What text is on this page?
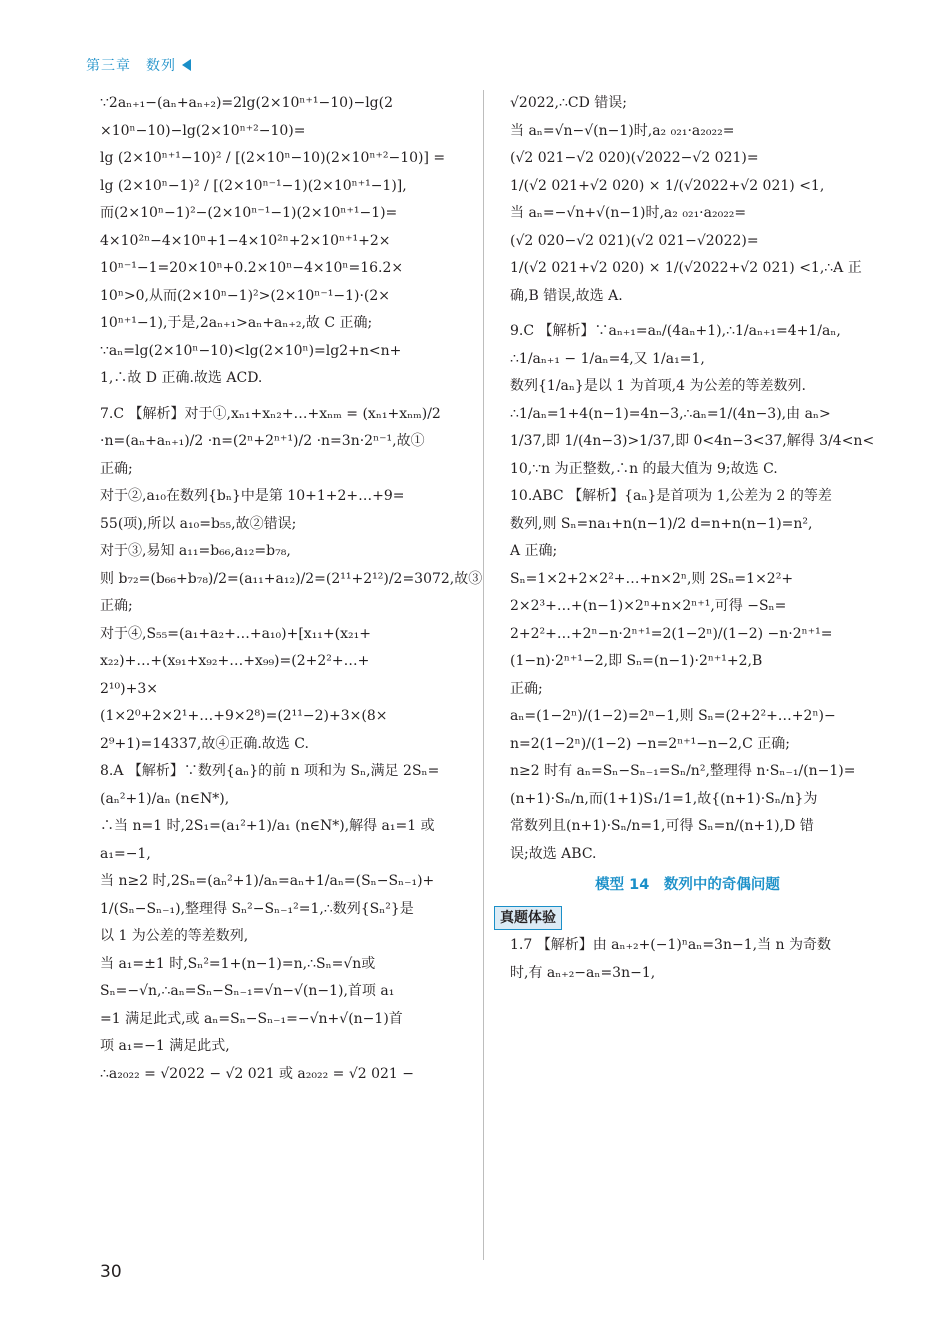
第三章　数列
∵2aₙ₊₁−(aₙ+aₙ₊₂)=2lg(2×10ⁿ⁺¹−10)−lg(2
×10ⁿ−10)−lg(2×10ⁿ⁺²−10)=
lg (2×10ⁿ⁺¹−10)² / [(2×10ⁿ−10)(2×10ⁿ⁺²−10)] =
lg (2×10ⁿ−1)² / [(2×10ⁿ⁻¹−1)(2×10ⁿ⁺¹−1)],
而(2×10ⁿ−1)²−(2×10ⁿ⁻¹−1)(2×10ⁿ⁺¹−1)=
4×10²ⁿ−4×10ⁿ+1−4×10²ⁿ+2×10ⁿ⁺¹+2×
10ⁿ⁻¹−1=20×10ⁿ+0.2×10ⁿ−4×10ⁿ=16.2×
10ⁿ>0,从而(2×10ⁿ−1)²>(2×10ⁿ⁻¹−1)·(2×
10ⁿ⁺¹−1),于是,2aₙ₊₁>aₙ+aₙ₊₂,故 C 正确;
∵aₙ=lg(2×10ⁿ−10)<lg(2×10ⁿ)=lg2+n<n+
1,∴故 D 正确.故选 ACD.
7.C 【解析】对于①,xₙ₁+xₙ₂+…+xₙₘ = (xₙ₁+xₙₘ)/2
·n=(aₙ+aₙ₊₁)/2 ·n=(2ⁿ+2ⁿ⁺¹)/2 ·n=3n·2ⁿ⁻¹,故①
正确;
对于②,a₁₀在数列{bₙ}中是第 10+1+2+…+9=
55(项),所以 a₁₀=b₅₅,故②错误;
对于③,易知 a₁₁=b₆₆,a₁₂=b₇₈,
则 b₇₂=(b₆₆+b₇₈)/2=(a₁₁+a₁₂)/2=(2¹¹+2¹²)/2=3072,故③
正确;
对于④,S₅₅=(a₁+a₂+…+a₁₀)+[x₁₁+(x₂₁+
x₂₂)+…+(x₉₁+x₉₂+…+x₉₉)=(2+2²+…+
2¹⁰)+3×
(1×2⁰+2×2¹+…+9×2⁸)=(2¹¹−2)+3×(8×
2⁹+1)=14337,故④正确.故选 C.
8.A 【解析】∵数列{aₙ}的前 n 项和为 Sₙ,满足 2Sₙ=
(aₙ²+1)/aₙ (n∈N*),
∴当 n=1 时,2S₁=(a₁²+1)/a₁ (n∈N*),解得 a₁=1 或
a₁=−1,
当 n≥2 时,2Sₙ=(aₙ²+1)/aₙ=aₙ+1/aₙ=(Sₙ−Sₙ₋₁)+
1/(Sₙ−Sₙ₋₁),整理得 Sₙ²−Sₙ₋₁²=1,∴数列{Sₙ²}是
以 1 为公差的等差数列,
当 a₁=±1 时,Sₙ²=1+(n−1)=n,∴Sₙ=√n或
Sₙ=−√n,∴aₙ=Sₙ−Sₙ₋₁=√n−√(n−1),首项 a₁
=1 满足此式,或 aₙ=Sₙ−Sₙ₋₁=−√n+√(n−1)首
项 a₁=−1 满足此式,
∴a₂₀₂₂ = √2022 − √2 021 或 a₂₀₂₂ = √2 021 −
√2022,∴CD 错误;
当 aₙ=√n−√(n−1)时,a₂ ₀₂₁·a₂₀₂₂=
(√2 021−√2 020)(√2022−√2 021)=
1/(√2 021+√2 020) × 1/(√2022+√2 021) <1,
当 aₙ=−√n+√(n−1)时,a₂ ₀₂₁·a₂₀₂₂=
(√2 020−√2 021)(√2 021−√2022)=
1/(√2 021+√2 020) × 1/(√2022+√2 021) <1,∴A 正
确,B 错误,故选 A.
9.C 【解析】∵aₙ₊₁=aₙ/(4aₙ+1),∴1/aₙ₊₁=4+1/aₙ,
∴1/aₙ₊₁ − 1/aₙ=4,又 1/a₁=1,
数列{1/aₙ}是以 1 为首项,4 为公差的等差数列.
∴1/aₙ=1+4(n−1)=4n−3,∴aₙ=1/(4n−3),由 aₙ>
1/37,即 1/(4n−3)>1/37,即 0<4n−3<37,解得 3/4<n<
10,∵n 为正整数,∴n 的最大值为 9;故选 C.
10.ABC 【解析】{aₙ}是首项为 1,公差为 2 的等差
数列,则 Sₙ=na₁+n(n−1)/2 d=n+n(n−1)=n²,
A 正确;
Sₙ=1×2+2×2²+…+n×2ⁿ,则 2Sₙ=1×2²+
2×2³+…+(n−1)×2ⁿ+n×2ⁿ⁺¹,可得 −Sₙ=
2+2²+…+2ⁿ−n·2ⁿ⁺¹=2(1−2ⁿ)/(1−2) −n·2ⁿ⁺¹=
(1−n)·2ⁿ⁺¹−2,即 Sₙ=(n−1)·2ⁿ⁺¹+2,B
正确;
aₙ=(1−2ⁿ)/(1−2)=2ⁿ−1,则 Sₙ=(2+2²+…+2ⁿ)−
n=2(1−2ⁿ)/(1−2) −n=2ⁿ⁺¹−n−2,C 正确;
n≥2 时有 aₙ=Sₙ−Sₙ₋₁=Sₙ/n²,整理得 n·Sₙ₋₁/(n−1)=
(n+1)·Sₙ/n,而(1+1)S₁/1=1,故{(n+1)·Sₙ/n}为
常数列且(n+1)·Sₙ/n=1,可得 Sₙ=n/(n+1),D 错
误;故选 ABC.
模型 14　数列中的奇偶问题
真题体验
1.7 【解析】由 aₙ₊₂+(−1)ⁿaₙ=3n−1,当 n 为奇数
时,有 aₙ₊₂−aₙ=3n−1,
30
